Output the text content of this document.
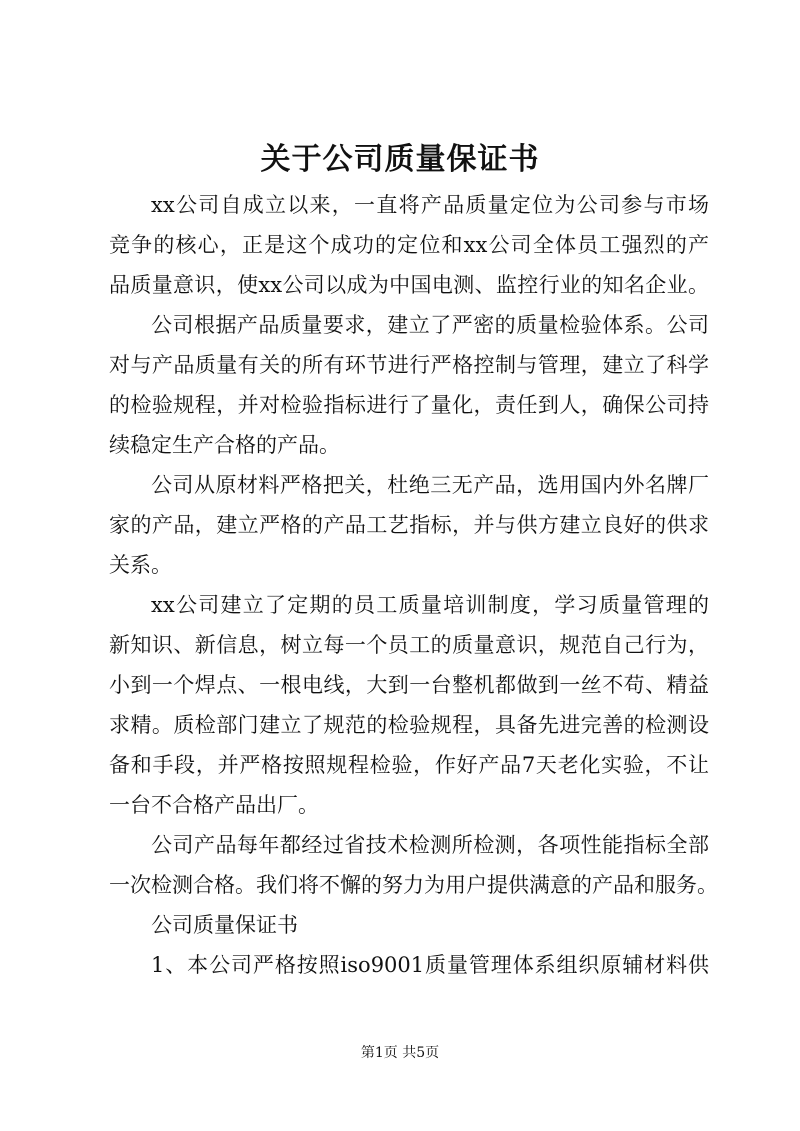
关于公司质量保证书
xx公司自成立以来，一直将产品质量定位为公司参与市场
竞争的核心，正是这个成功的定位和xx公司全体员工强烈的产
品质量意识，使xx公司以成为中国电测、监控行业的知名企业。
公司根据产品质量要求，建立了严密的质量检验体系。公司
对与产品质量有关的所有环节进行严格控制与管理，建立了科学
的检验规程，并对检验指标进行了量化，责任到人，确保公司持
续稳定生产合格的产品。
公司从原材料严格把关，杜绝三无产品，选用国内外名牌厂
家的产品，建立严格的产品工艺指标，并与供方建立良好的供求
关系。
xx公司建立了定期的员工质量培训制度，学习质量管理的
新知识、新信息，树立每一个员工的质量意识，规范自己行为，
小到一个焊点、一根电线，大到一台整机都做到一丝不苟、精益
求精。质检部门建立了规范的检验规程，具备先进完善的检测设
备和手段，并严格按照规程检验，作好产品7天老化实验，不让
一台不合格产品出厂。
公司产品每年都经过省技术检测所检测，各项性能指标全部
一次检测合格。我们将不懈的努力为用户提供满意的产品和服务。
公司质量保证书
1、本公司严格按照iso9001质量管理体系组织原辅材料供
第1页 共5页
